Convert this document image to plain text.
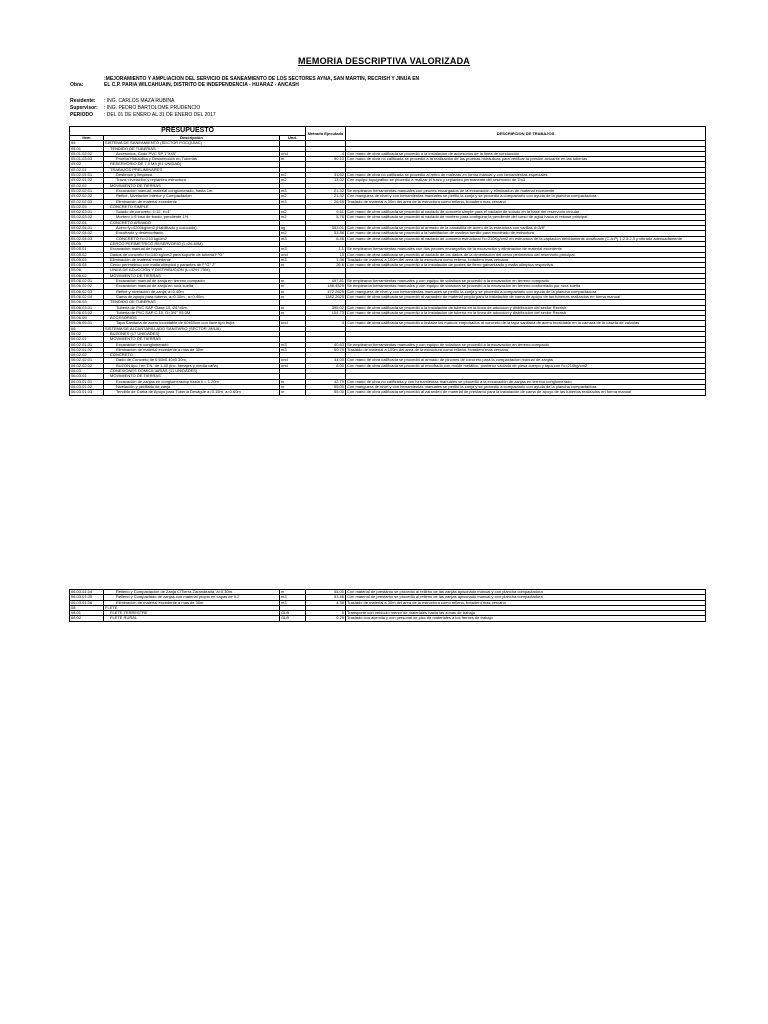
MEMORIA DESCRIPTIVA VALORIZADA
Obra:
:MEJORAMIENTO Y AMPLIACION DEL SERVICIO DE SANEAMIENTO DE LOS SECTORES AYNA, SAN MARTIN, RECRISH Y JINUA EN EL C.P. PARIA WILCAHUAIN, DISTRITO DE INDEPENDENCIA - HUARAZ - ANCASH
Residente:	: ING. CARLOS MAZA RUBINA
Supervisor:	: ING. PEDRO BARTOLOME PRUDENCIO
PERIODO	: DEL 01 DE ENERO AL 31 DE ENERO DEL 2017
PRESUPUESTO			Metrado Ejecutado	DESCRIPCION DE TRABAJOS
Item	Descripción	Und.		
05	SISTEMA DE SANEAMIENTO (SECTOR POCQUIAC)			
05.01	TENDIDO DE TUBERIAS			
05.01.03.02	Accesorios, Codo PVC SP 1"X45°	und	4	Con mano de obra calificada se procedió a la instalacion de accesorios de la linea de conducción
05.01.03.03	Prueba Hidraulica y Desinfección en Tuberias	m	90.10	Con mano de obra no calificada se procedió a la realización de las pruebas hidráulicas para verificar la presión actuante en las tuberías
05.02	RESERVORIO DE 7.0 M3 (01 UNIDAD)			
05.02.01	TRABAJOS PRELIMINARES			
05.02.01.01	Desbroce y limpieza.	m2	31.62	Con mano de obra no calificada se procedió al retiro de malezas en forma manual y con herramientas especiales
05.02.01.02	Trazo, nivelación y replanteo estructura.	m2	13.02	Con equipo topográfico se procedió a realizar el trazo y replanteo permanente del reservorio de 7m3
05.02.02	MOVIMIENTO DE TIERRAS			
05.02.02.01	Excavacion manual, material conglomerado, hasta 1m.	m3	21.32	Se emplearon herramientas manuales con peones encargados de la excavación y eliminacion de material excedente
05.02.02.02	Refine, Nivelación Interior y Compactacion	m2	21.32	Con manguera de nivel y con herramientas manuales se perfiló la zanja y se procedió a compactarlo con ayuda de la plancha compactadora
05.02.02.03	Eliminación de material excedente	m3	26.65	Traslado de material a 30m del area de la estructura como relleno, botadero mas cercano
05.02.03	CONCRETO SIMPLE			
05.02.03.01	Solado de concreto: 1:12, e=4"	m2	9.61	Con mano de obra calificada se procedió al vaciado de concreto simple para el vaciado de solado en la base del reservorio circular
05.02.03.02	Mortero 1:5 losa de fondo, pendiente 1%	m2	5.76	Con mano de obra calificada se procedió al vaciado de mortero para configurar la pendiente del curso de agua hacia el rebose principal
05.02.04	CONCRETO ARMADO			
05.02.04.01	Acero fy=4200kg/cm2 (Habilitado y colocado).	kg	353.01	Con mano de obra calificada se procedió al armado de la canastilla de acero de la estructura con varillas d=3/8"
05.02.04.02	Encofrado y desencofrado.	m2	53.88	Con mano de obra calificada se procedió a la habilitacion de madera tornillo para encofrado de estructura
05.02.04.03	CONCRETO f'c=210 kg/cm2	m3	6.46	Con mano de obra calificada se procedió al vaciado de concreto estructural f'c=210Kg/cm2 en estructura de la captación debidamente dosificado (C:A:P) 1:2.5:2.5 y vibrado adecuadamente
05.05	CERCO PERIMETRICO RESERVORIO (L=26.60M)			
05.05.01	Excavación manual de hoyos	m3	1.1	Se emplearon herramientas manuales con dos peones encargados de la excavación y eliminacion de material excedente
05.05.02	Dados de concreto f'c=140 kg/cm2 para soporte de tuberia F°G°	und	15	Con mano de obra calificada se procedió al vaciado de los dados de la cimentacion del cerco perimetrico del reservorio principal
05.05.03	Eliminación de material excedente	m3	1.38	Traslado de material a 100m del area de la estructura como relleno, botadero mas cercano
05.05.04	Cerco perimétrico con malla olímpica y parantes de F°G° 2"	m	26.6	Con mano de obra calificada se procedió a la instalación de postes de fierro galvanizado y malla olimpica respectiva
05.06	LINEA DE ADUCCION Y DISTRIBUCION (L=4297.75M)			
05.06.02	MOVIMIENTO DE TIERRAS			
05.06.02.01	Excavacion manual de zanja en terreno compacto	m	497.81	Se emplearon herramientas manuales y con equipo de voladura se procedió a la excavacion en terreno compacto
05.06.02.02	Excavacion manual de zanja en roca suelta	m	186.4525	Se emplearon herramientas manuales y con equipo de voladura se procedió a la excavacion en terreno conformado por roca suelta
05.06.02.03	Refine y nivelación de zanja, a=0.40m	m	472.2625	Con manguera de nivel y con herramientas manuales se perfiló la zanja y se procedió a compactarlo con ayuda de la plancha compactadora
05.06.02.04	Cama de apoyo para tuberia, a=0.10m., a=0.40m.	m	1382.2625	Con mano de obra calificada se procedió al zarandeo de material propio para la instalación de cama de apoyo de las tuberías realizados en forma manual
05.06.03	TENDIDO DE TUBERIAS			
05.06.03.01	Tuberia de PVC SAP Clase 10, Ø1"x5m.	m	395.02	Con mano de obra calificada se procedió a la instalación de tubería en la línea de aducción y distribución del sector Recrish
05.06.03.02	Tuberia de PVC SAP C-10, D=3/4" X5.0M	m	104.73	Con mano de obra calificada se procedió a la instalación de tubería en la línea de aducción y distribución del sector Recrish
05.06.05	ACCESORIOS			
05.06.05.01	Tapa Sanitaria de acero inoxidable de 60x60cm con llave tipo bujía	und	4	Con mano de obra calificada se procedió a instalar los marcos empotrados al concreto de la tapa sanitaria de acero inoxidable en la camara de la caseta de valvulas
06	SISTEMA DE ALCANTARILLADO SANITARIO (SECTOR JINUA)			
06.02	BUZONES (17 UNIDADES)			
06.02.01	MOVIMIENTO DE TIERRAS			
06.02.01.01	Excavacion en conglomerado	m3	40.63	Se emplearon herramientas manuales y con equipo de voladura se procedió a la excavacion en terreno compacto
06.02.01.02	Eliminación de material excedente a mas de 30m	m3	50.79	Traslado de material a 100m del area de la estructura como relleno, botadero mas cercano
06.02.02	CONCRETO			
06.02.02.01	Dado de Concreto de 0.60x0.40x0.30m,	und	44.00	Con mano de obra calificada se procedió al armado de pinones de concreto para la compactacion manual de zanjas
06.02.02.02	BUZON tipo I en T.N. de 1.40 (inc. tamajes y media caña)	und	8.00	Con mano de obra calificada se procedió al encofrado con molde metálico, posterior vaciado de piesa cuerpo y tapa con f'c=210kg/cm2
06.03	CONEXIONES DOMICILIARIAS (11 UNIDADES)			
06.03.01	MOVIMIENTO DE TIERRAS			
06.03.01.01	Excavación de zanjas en conglomeradop hasta h = 1.20m	m	42.79	Con mano de obra no calificada y con herramientas manuales se procedió a la excavación de zanjas en terreno conglomerado
06.03.01.02	Nivelación y perfilado de zanja	m	55.00	Con manguera de nivel y con herramientas manuales se perfiló la zanja y se procedió a compactarlo con ayuda de la plancha compactadora
06.03.01.03	Tendido de Cama de Apoyo para Tubería Desagüe a=0.15m, a=0.60m	m	55.00	Con mano de obra calificada se procedió al zarandeo de material de prestamo para la instalación de cama de apoyo de las tuberías realizados en forma manual
06.03.01.04	Relleno y Compactación de Zanja C/Tierra Zarandeada, a=0.30m	m	55.00	Con material de prestamo se procedió al relleno de las zanjas apisonado manual y con plancha compactadora
06.03.01.05	Relleno y Compactado de zanjas con material propio en capas de 0.2	m3	53.46	Con material de prestamo se procedió al relleno de las zanjas apisonado manual y con plancha compactadora
06.03.01.06	Eliminación de material excedente a mas de 30m	m3	4.38	Traslado de material a 30m del area de la estructura como relleno, botadero mas cercano
08	FLETE			
08.01	FLETE TERRESTRE	GLB	0	Transporte con vehiculo menor de materiales hasta las zonas de trabajo
08.02	FLETE RURAL	GLB	0.25	Traslado con acemila y con personal de pisc de materiales a los frentes de trabajo
